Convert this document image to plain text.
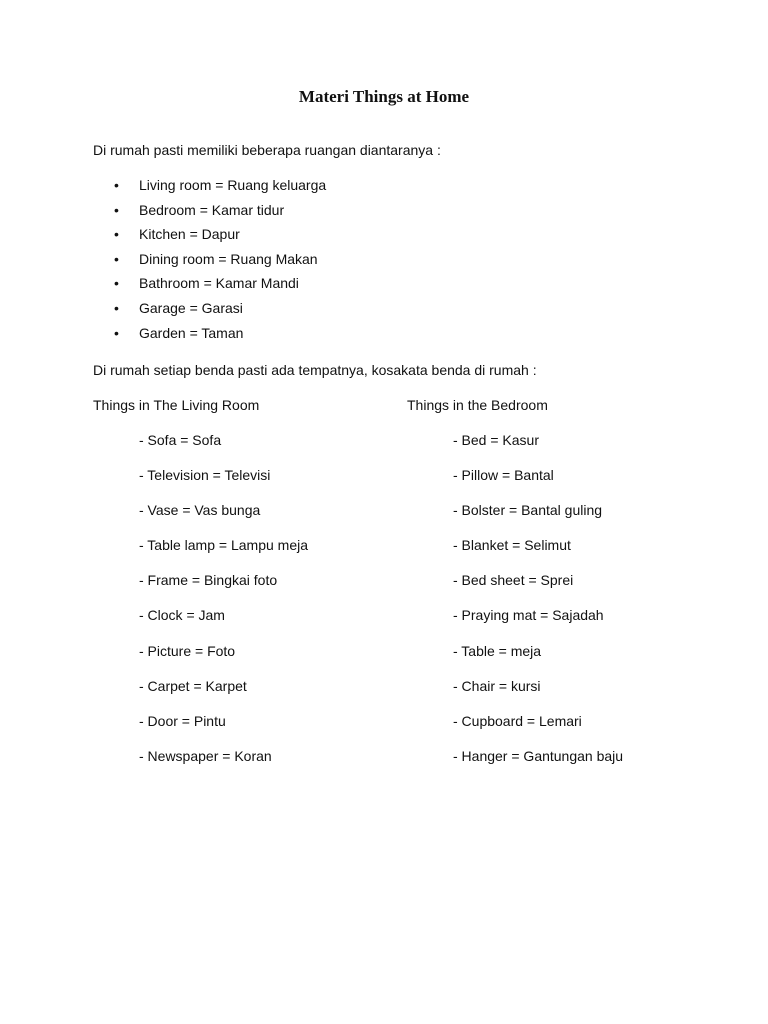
Materi Things at Home
Di rumah pasti memiliki beberapa ruangan diantaranya :
• Living room = Ruang keluarga
• Bedroom = Kamar tidur
• Kitchen = Dapur
• Dining room = Ruang Makan
• Bathroom = Kamar Mandi
• Garage = Garasi
• Garden = Taman
Di rumah setiap benda pasti ada tempatnya, kosakata benda di rumah :
Things in The Living Room	Things in the Bedroom
- Sofa = Sofa
- Television = Televisi
- Vase = Vas bunga
- Table lamp = Lampu meja
- Frame = Bingkai foto
- Clock = Jam
- Picture = Foto
- Carpet = Karpet
- Door = Pintu
- Newspaper = Koran
- Bed = Kasur
- Pillow = Bantal
- Bolster = Bantal guling
- Blanket = Selimut
- Bed sheet = Sprei
- Praying mat = Sajadah
- Table = meja
- Chair = kursi
- Cupboard = Lemari
- Hanger = Gantungan baju
